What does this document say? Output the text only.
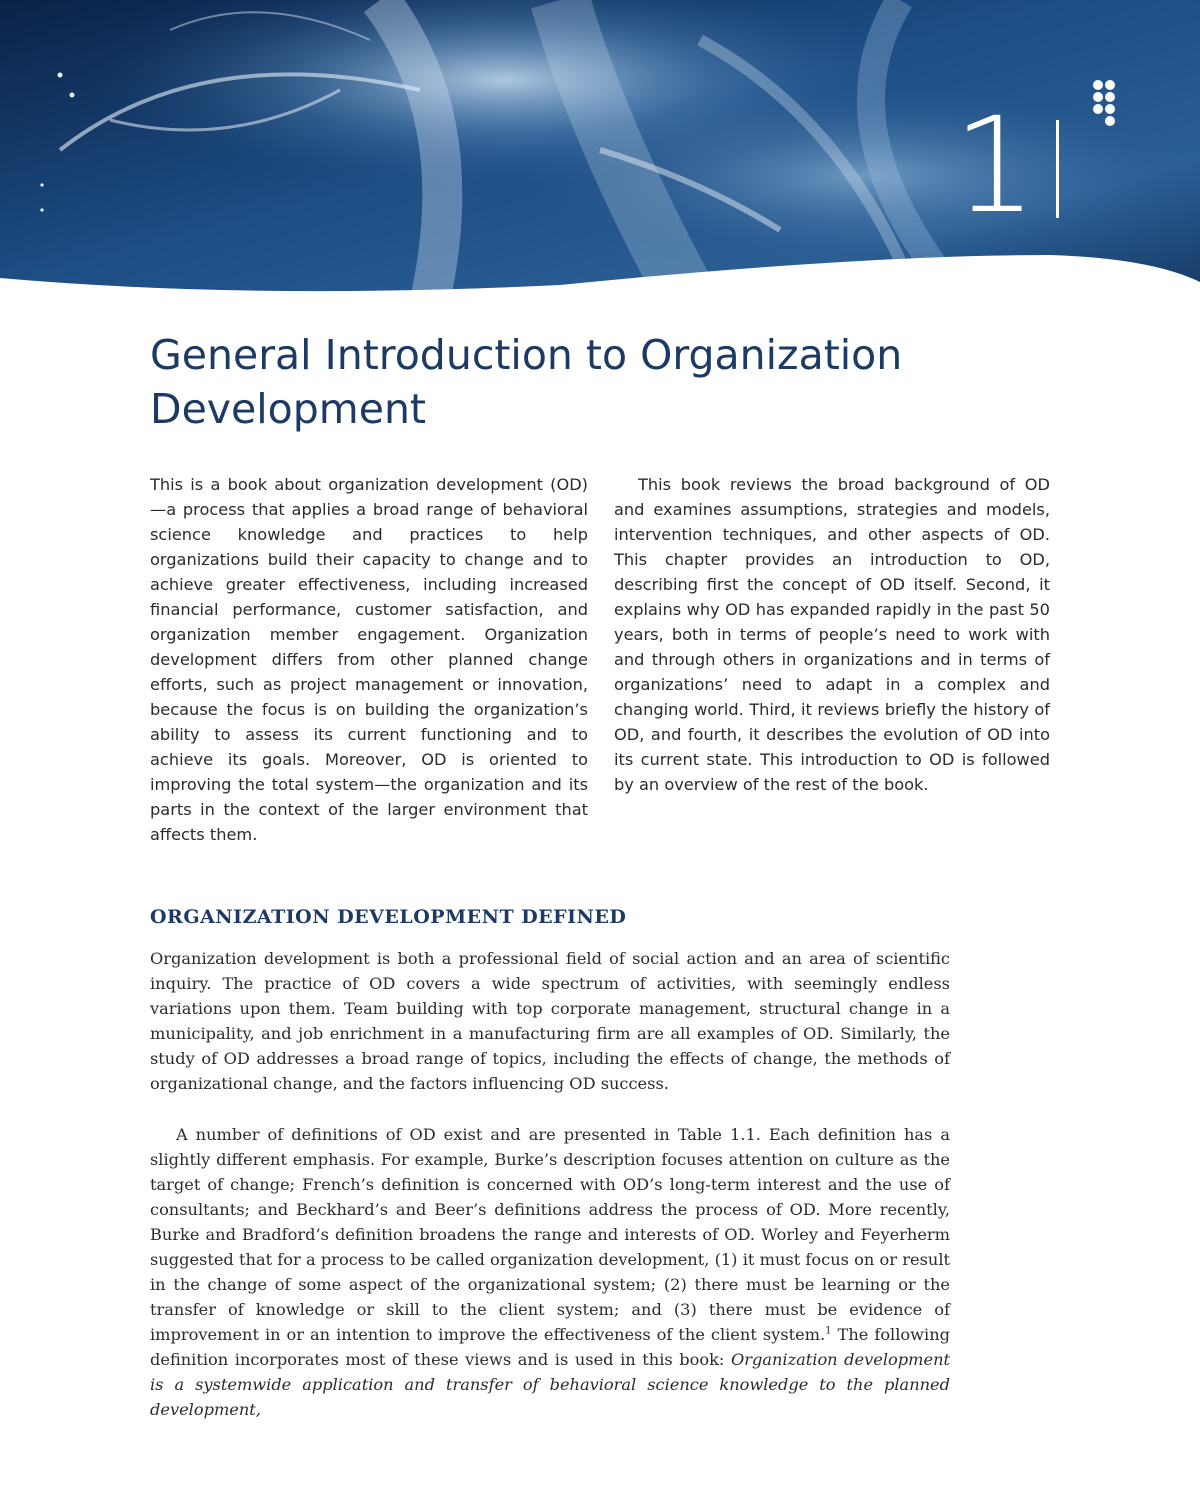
1
General Introduction to Organization Development

This is a book about organization development (OD)—a process that applies a broad range of behavioral science knowledge and practices to help organizations build their capacity to change and to achieve greater effectiveness, including increased financial performance, customer satisfaction, and organization member engagement. Organization development differs from other planned change efforts, such as project management or innovation, because the focus is on building the organization’s ability to assess its current functioning and to achieve its goals. Moreover, OD is oriented to improving the total system—the organization and its parts in the context of the larger environment that affects them.

This book reviews the broad background of OD and examines assumptions, strategies and models, intervention techniques, and other aspects of OD. This chapter provides an introduction to OD, describing first the concept of OD itself. Second, it explains why OD has expanded rapidly in the past 50 years, both in terms of people’s need to work with and through others in organizations and in terms of organizations’ need to adapt in a complex and changing world. Third, it reviews briefly the history of OD, and fourth, it describes the evolution of OD into its current state. This introduction to OD is followed by an overview of the rest of the book.

ORGANIZATION DEVELOPMENT DEFINED

Organization development is both a professional field of social action and an area of scientific inquiry. The practice of OD covers a wide spectrum of activities, with seemingly endless variations upon them. Team building with top corporate management, structural change in a municipality, and job enrichment in a manufacturing firm are all examples of OD. Similarly, the study of OD addresses a broad range of topics, including the effects of change, the methods of organizational change, and the factors influencing OD success.

A number of definitions of OD exist and are presented in Table 1.1. Each definition has a slightly different emphasis. For example, Burke’s description focuses attention on culture as the target of change; French’s definition is concerned with OD’s long-term interest and the use of consultants; and Beckhard’s and Beer’s definitions address the process of OD. More recently, Burke and Bradford’s definition broadens the range and interests of OD. Worley and Feyerherm suggested that for a process to be called organization development, (1) it must focus on or result in the change of some aspect of the organizational system; (2) there must be learning or the transfer of knowledge or skill to the client system; and (3) there must be evidence of improvement in or an intention to improve the effectiveness of the client system.$^1$ The following definition incorporates most of these views and is used in this book: Organization development is a systemwide application and transfer of behavioral science knowledge to the planned development,
